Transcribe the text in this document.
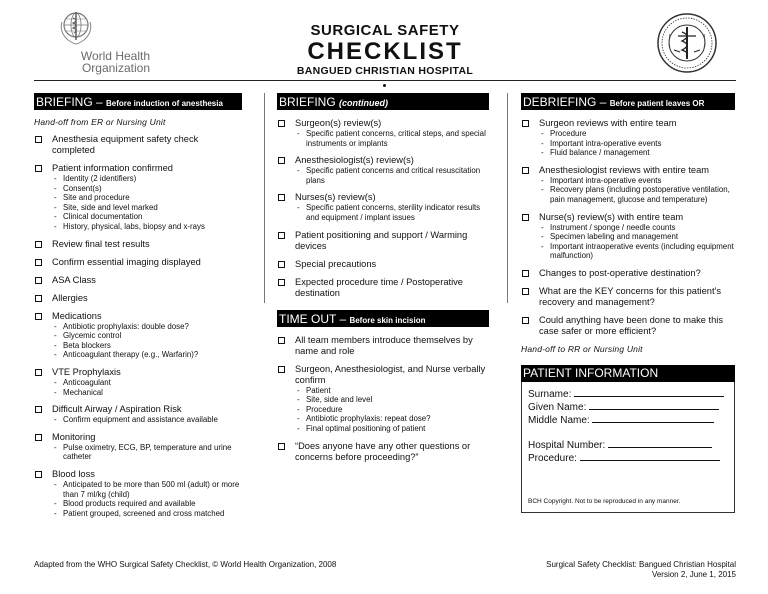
World Health
Organization
SURGICAL SAFETY
CHECKLIST
BANGUED CHRISTIAN HOSPITAL
BRIEFING – Before induction of anesthesia
Hand-off from ER or Nursing Unit
Anesthesia equipment safety check completed
Patient information confirmed
- Identity (2 identifiers)
- Consent(s)
- Site and procedure
- Site, side and level marked
- Clinical documentation
- History, physical, labs, biopsy and x-rays
Review final test results
Confirm essential imaging displayed
ASA Class
Allergies
Medications
- Antibiotic prophylaxis: double dose?
- Glycemic control
- Beta blockers
- Anticoagulant therapy (e.g., Warfarin)?
VTE Prophylaxis
- Anticoagulant
- Mechanical
Difficult Airway / Aspiration Risk
- Confirm equipment and assistance available
Monitoring
- Pulse oximetry, ECG, BP, temperature and urine catheter
Blood loss
- Anticipated to be more than 500 ml (adult) or more than 7 ml/kg (child)
- Blood products required and available
- Patient grouped, screened and cross matched
BRIEFING (continued)
Surgeon(s) review(s)
- Specific patient concerns, critical steps, and special instruments or implants
Anesthesiologist(s) review(s)
- Specific patient concerns and critical resuscitation plans
Nurses(s) review(s)
- Specific patient concerns, sterility indicator results and equipment / implant issues
Patient positioning and support / Warming devices
Special precautions
Expected procedure time / Postoperative destination
TIME OUT – Before skin incision
All team members introduce themselves by name and role
Surgeon, Anesthesiologist, and Nurse verbally confirm
- Patient
- Site, side and level
- Procedure
- Antibiotic prophylaxis: repeat dose?
- Final optimal positioning of patient
“Does anyone have any other questions or concerns before proceeding?”
DEBRIEFING – Before patient leaves OR
Surgeon reviews with entire team
- Procedure
- Important intra-operative events
- Fluid balance / management
Anesthesiologist reviews with entire team
- Important intra-operative events
- Recovery plans (including postoperative ventilation, pain management, glucose and temperature)
Nurse(s) review(s) with entire team
- Instrument / sponge / needle counts
- Specimen labeling and management
- Important intraoperative events (including equipment malfunction)
Changes to post-operative destination?
What are the KEY concerns for this patient’s recovery and management?
Could anything have been done to make this case safer or more efficient?
Hand-off to RR or Nursing Unit
PATIENT INFORMATION
Surname:
Given Name:
Middle Name:
Hospital Number:
Procedure:
BCH Copyright. Not to be reproduced in any manner.
Adapted from the WHO Surgical Safety Checklist, © World Health Organization, 2008	Surgical Safety Checklist: Bangued Christian Hospital
Version 2, June 1, 2015
